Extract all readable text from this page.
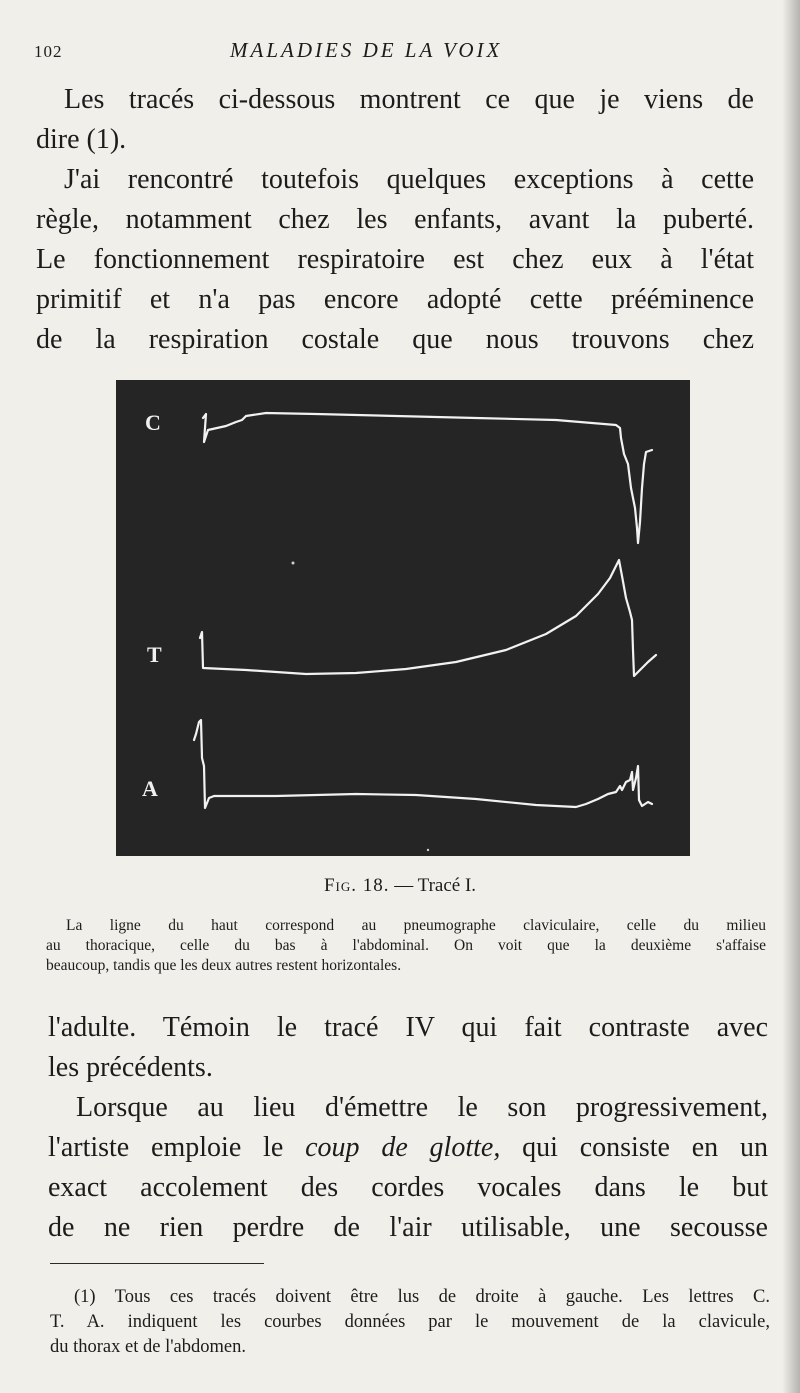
102	MALADIES DE LA VOIX
Les tracés ci-dessous montrent ce que je viens de
dire (1).
J'ai rencontré toutefois quelques exceptions à cette
règle, notamment chez les enfants, avant la puberté.
Le fonctionnement respiratoire est chez eux à l'état
primitif et n'a pas encore adopté cette prééminence
de la respiration costale que nous trouvons chez
C
T
A
Fig. 18. — Tracé I.
La ligne du haut correspond au pneumographe claviculaire, celle du milieu
au thoracique, celle du bas à l'abdominal. On voit que la deuxième s'affaise
beaucoup, tandis que les deux autres restent horizontales.
l'adulte. Témoin le tracé IV qui fait contraste avec
les précédents.
Lorsque au lieu d'émettre le son progressivement,
l'artiste emploie le coup de glotte, qui consiste en un
exact accolement des cordes vocales dans le but
de ne rien perdre de l'air utilisable, une secousse
(1) Tous ces tracés doivent être lus de droite à gauche. Les lettres C.
T. A. indiquent les courbes données par le mouvement de la clavicule,
du thorax et de l'abdomen.
